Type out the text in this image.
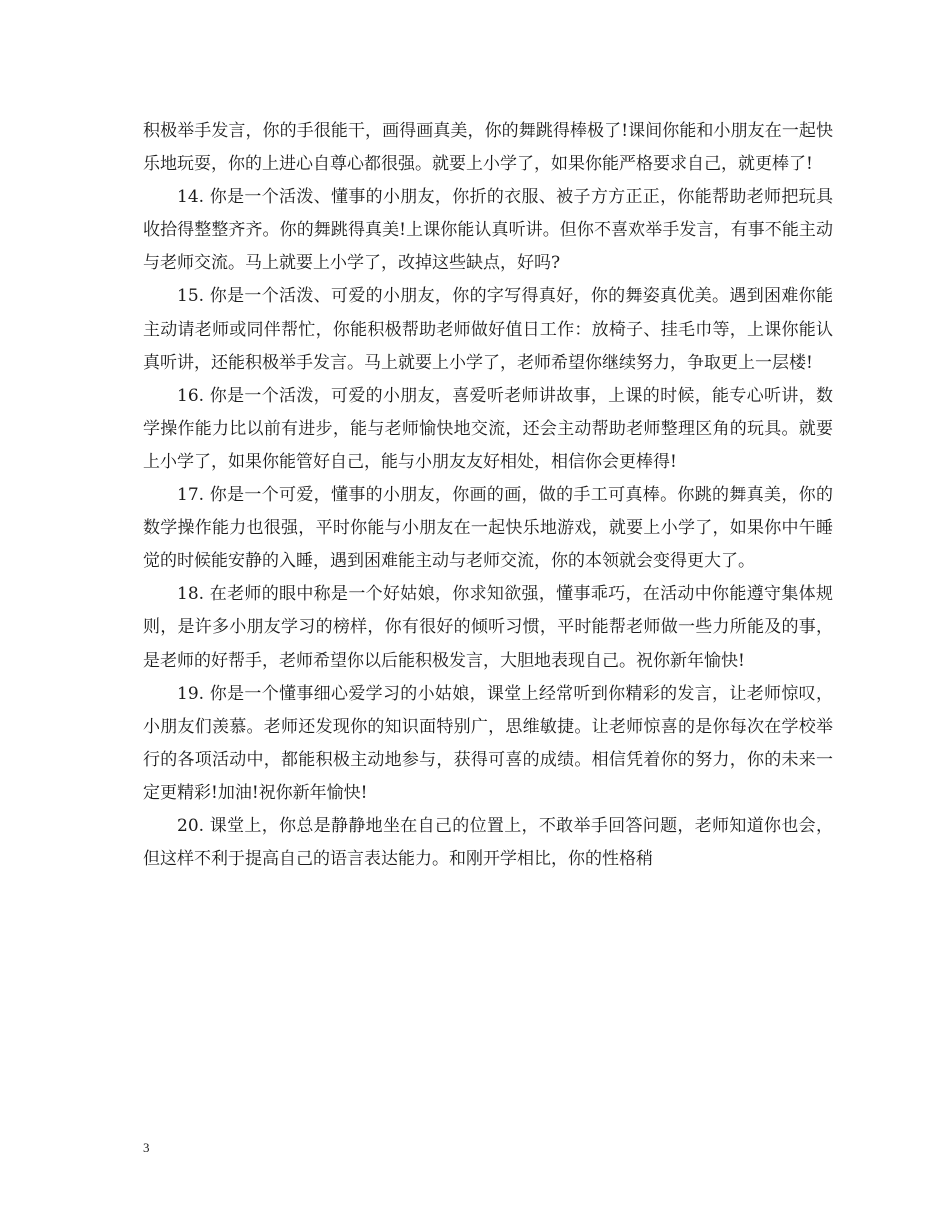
积极举手发言，你的手很能干，画得画真美，你的舞跳得棒极了!课间你能和小朋友在一起快乐地玩耍，你的上进心自尊心都很强。就要上小学了，如果你能严格要求自己，就更棒了!

14. 你是一个活泼、懂事的小朋友，你折的衣服、被子方方正正，你能帮助老师把玩具收拾得整整齐齐。你的舞跳得真美!上课你能认真听讲。但你不喜欢举手发言，有事不能主动与老师交流。马上就要上小学了，改掉这些缺点，好吗?

15. 你是一个活泼、可爱的小朋友，你的字写得真好，你的舞姿真优美。遇到困难你能主动请老师或同伴帮忙，你能积极帮助老师做好值日工作：放椅子、挂毛巾等，上课你能认真听讲，还能积极举手发言。马上就要上小学了，老师希望你继续努力，争取更上一层楼!

16. 你是一个活泼，可爱的小朋友，喜爱听老师讲故事，上课的时候，能专心听讲，数学操作能力比以前有进步，能与老师愉快地交流，还会主动帮助老师整理区角的玩具。就要上小学了，如果你能管好自己，能与小朋友友好相处，相信你会更棒得!

17. 你是一个可爱，懂事的小朋友，你画的画，做的手工可真棒。你跳的舞真美，你的数学操作能力也很强，平时你能与小朋友在一起快乐地游戏，就要上小学了，如果你中午睡觉的时候能安静的入睡，遇到困难能主动与老师交流，你的本领就会变得更大了。

18. 在老师的眼中称是一个好姑娘，你求知欲强，懂事乖巧，在活动中你能遵守集体规则，是许多小朋友学习的榜样，你有很好的倾听习惯，平时能帮老师做一些力所能及的事，是老师的好帮手，老师希望你以后能积极发言，大胆地表现自己。祝你新年愉快!

19. 你是一个懂事细心爱学习的小姑娘，课堂上经常听到你精彩的发言，让老师惊叹，小朋友们羡慕。老师还发现你的知识面特别广，思维敏捷。让老师惊喜的是你每次在学校举行的各项活动中，都能积极主动地参与，获得可喜的成绩。相信凭着你的努力，你的未来一定更精彩!加油!祝你新年愉快!

20. 课堂上，你总是静静地坐在自己的位置上，不敢举手回答问题，老师知道你也会，但这样不利于提高自己的语言表达能力。和刚开学相比，你的性格稍

3
